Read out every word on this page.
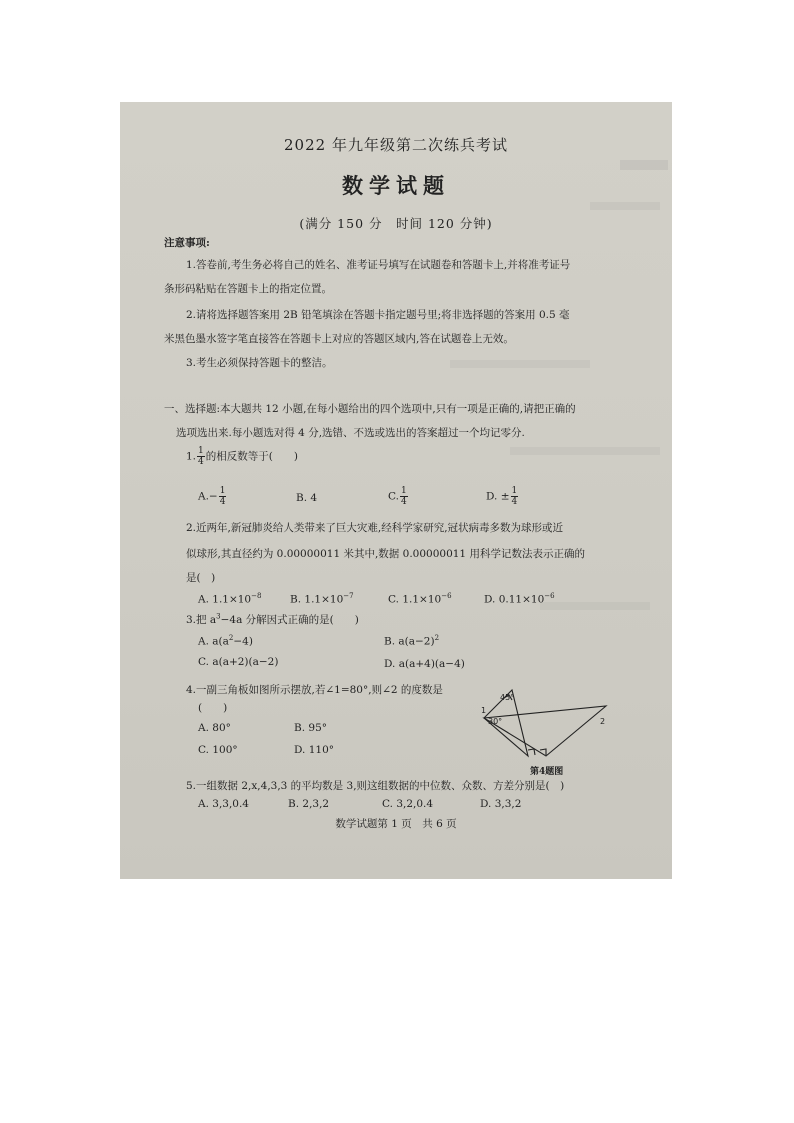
2022 年九年级第二次练兵考试
数学试题
(满分 150 分　时间 120 分钟)
注意事项:
1.答卷前,考生务必将自己的姓名、准考证号填写在试题卷和答题卡上,并将准考证号
条形码粘贴在答题卡上的指定位置。
2.请将选择题答案用 2B 铅笔填涂在答题卡指定题号里;将非选择题的答案用 0.5 毫
米黑色墨水签字笔直接答在答题卡上对应的答题区域内,答在试题卷上无效。
3.考生必须保持答题卡的整洁。
一、选择题:本大题共 12 小题,在每小题给出的四个选项中,只有一项是正确的,请把正确的
选项选出来.每小题选对得 4 分,选错、不选或选出的答案超过一个均记零分.
1. $\frac{1}{4}$ 的相反数等于(　　)
$A.- \frac{1}{4}$	B. 4	C. $\frac{1}{4}$	D. ± $\frac{1}{4}$
2.近两年,新冠肺炎给人类带来了巨大灾难,经科学家研究,冠状病毒多数为球形或近
似球形,其直径约为 0.00000011 米其中,数据 0.00000011 用科学记数法表示正确的
是(　)
A. $1.1\times 10^{-8}$	B. $1.1\times 10^{-7}$	C. $1.1\times 10^{-6}$	D. $0.11\times 10^{-6}$
3.把 $a^3-4a$ 分解因式正确的是(　　)
A. $a(a^2-4)$	B. $a(a-2)^2$
C. a(a+2)(a−2)	D. a(a+4)(a−4)
4.一副三角板如图所示摆放,若∠1=80°,则∠2 的度数是
(　　)
A. 80°	B. 95°
C. 100°	D. 110°
45°
30°
1
2
第4题图
5.一组数据 2,x,4,3,3 的平均数是 3,则这组数据的中位数、众数、方差分别是(　)
A. 3,3,0.4	B. 2,3,2	C. 3,2,0.4	D. 3,3,2
数学试题第 1 页　共 6 页
